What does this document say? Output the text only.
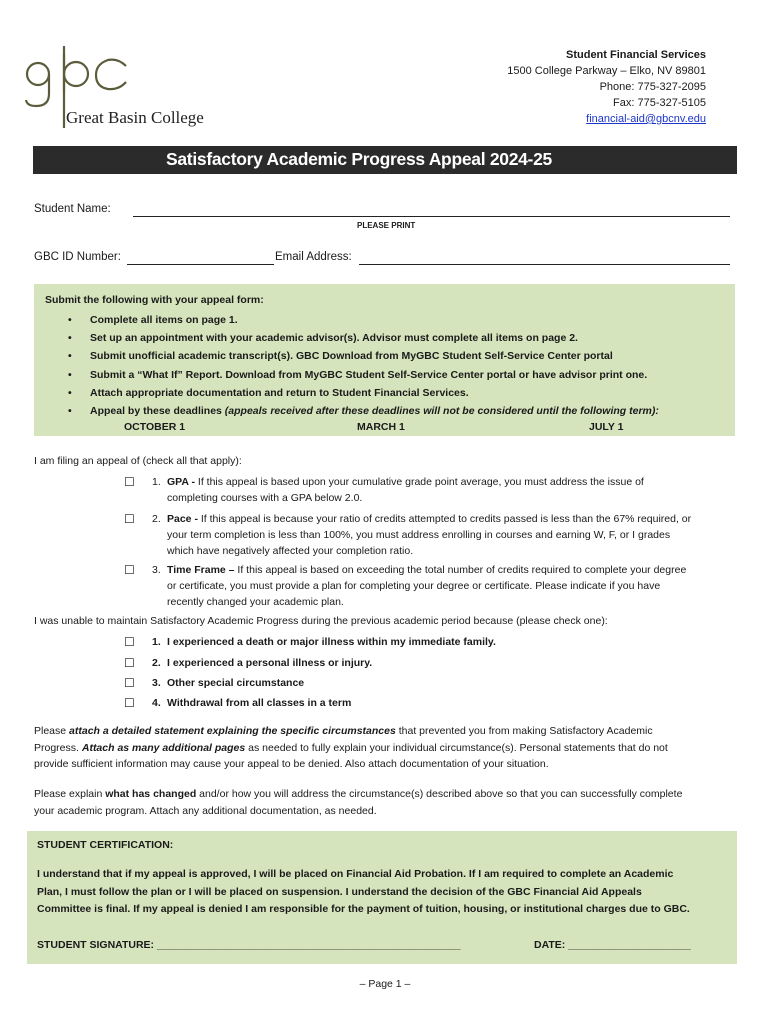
Great Basin College
Student Financial Services
1500 College Parkway – Elko, NV 89801
Phone: 775-327-2095
Fax: 775-327-5105
financial-aid@gbcnv.edu
Satisfactory Academic Progress Appeal 2024-25
Student Name:
PLEASE PRINT
GBC ID Number:	Email Address:
Submit the following with your appeal form:
• Complete all items on page 1.
• Set up an appointment with your academic advisor(s). Advisor must complete all items on page 2.
• Submit unofficial academic transcript(s). GBC Download from MyGBC Student Self-Service Center portal
• Submit a “What If” Report. Download from MyGBC Student Self-Service Center portal or have advisor print one.
• Attach appropriate documentation and return to Student Financial Services.
• Appeal by these deadlines (appeals received after these deadlines will not be considered until the following term):
OCTOBER 1	MARCH 1	JULY 1
I am filing an appeal of (check all that apply):
☐ 1. GPA - If this appeal is based upon your cumulative grade point average, you must address the issue of
completing courses with a GPA below 2.0.
☐ 2. Pace - If this appeal is because your ratio of credits attempted to credits passed is less than the 67% required, or
your term completion is less than 100%, you must address enrolling in courses and earning W, F, or I grades
which have negatively affected your completion ratio.
☐ 3. Time Frame – If this appeal is based on exceeding the total number of credits required to complete your degree
or certificate, you must provide a plan for completing your degree or certificate. Please indicate if you have
recently changed your academic plan.
I was unable to maintain Satisfactory Academic Progress during the previous academic period because (please check one):
☐ 1. I experienced a death or major illness within my immediate family.
☐ 2. I experienced a personal illness or injury.
☐ 3. Other special circumstance
☐ 4. Withdrawal from all classes in a term
Please attach a detailed statement explaining the specific circumstances that prevented you from making Satisfactory Academic
Progress. Attach as many additional pages as needed to fully explain your individual circumstance(s). Personal statements that do not
provide sufficient information may cause your appeal to be denied. Also attach documentation of your situation.
Please explain what has changed and/or how you will address the circumstance(s) described above so that you can successfully complete
your academic program. Attach any additional documentation, as needed.
STUDENT CERTIFICATION:
I understand that if my appeal is approved, I will be placed on Financial Aid Probation. If I am required to complete an Academic
Plan, I must follow the plan or I will be placed on suspension. I understand the decision of the GBC Financial Aid Appeals
Committee is final. If my appeal is denied I am responsible for the payment of tuition, housing, or institutional charges due to GBC.
STUDENT SIGNATURE: ____________________________________________________	DATE: _____________________
– Page 1 –
